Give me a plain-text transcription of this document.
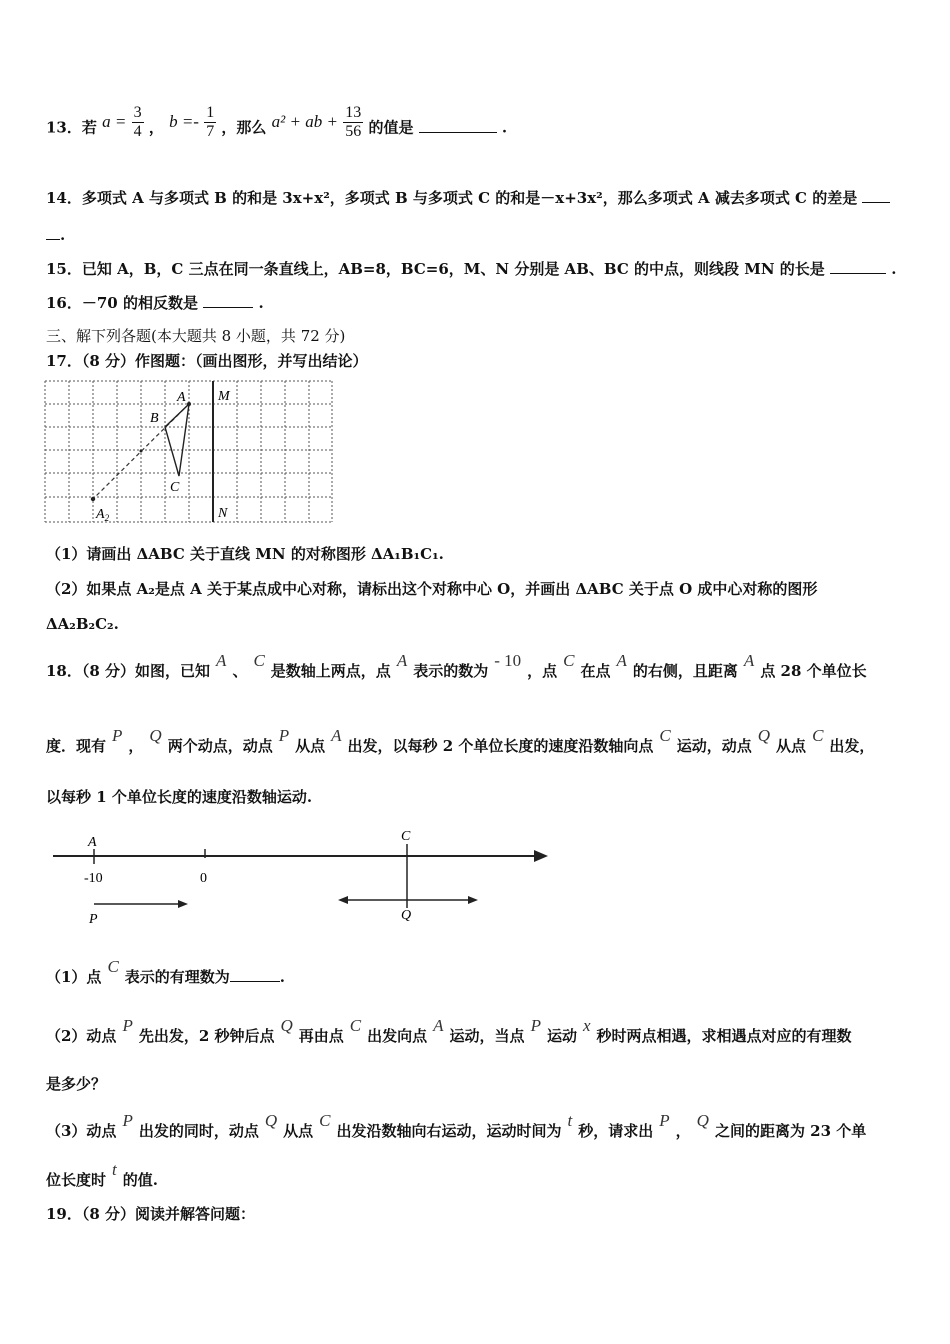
13．若 $a = \frac{3}{4}$ ， $b =- \frac{1}{7}$ ，那么 a² + ab + $\frac{13}{56}$ 的值是	.
14．多项式 A 与多项式 B 的和是 3x+x²，多项式 B 与多项式 C 的和是－x+3x²，那么多项式 A 减去多项式 C 的差是
.
15．已知 A，B，C 三点在同一条直线上，AB=8，BC=6，M、N 分别是 AB、BC 的中点，则线段 MN 的长是	.
16．－70 的相反数是	.
三、解下列各题(本大题共 8 小题，共 72 分)
17．（8 分）作图题：（画出图形，并写出结论）
A
B
C
M
N
$A_2$
（1）请画出 ΔABC 关于直线 MN 的对称图形 ΔA₁B₁C₁.
（2）如果点 A₂是点 A 关于某点成中心对称，请标出这个对称中心 O，并画出 ΔABC 关于点 O 成中心对称的图形
ΔA₂B₂C₂.
18．（8 分）如图，已知A、C是数轴上两点，点A表示的数为- 10，点C在点A的右侧，且距离A点 28 个单位长
度．现有P，Q两个动点，动点P从点A出发，以每秒 2 个单位长度的速度沿数轴向点C运动，动点Q从点C出发，
以每秒 1 个单位长度的速度沿数轴运动.
A	C
-10	0
P	Q
（1）点C表示的有理数为	.
（2）动点P先出发，2 秒钟后点Q再由点C出发向点A运动，当点P运动x秒时两点相遇，求相遇点对应的有理数
是多少？
（3）动点P出发的同时，动点Q从点C出发沿数轴向右运动，运动时间为t秒，请求出P，Q之间的距离为 23 个单
位长度时t的值.
19．（8 分）阅读并解答问题：
